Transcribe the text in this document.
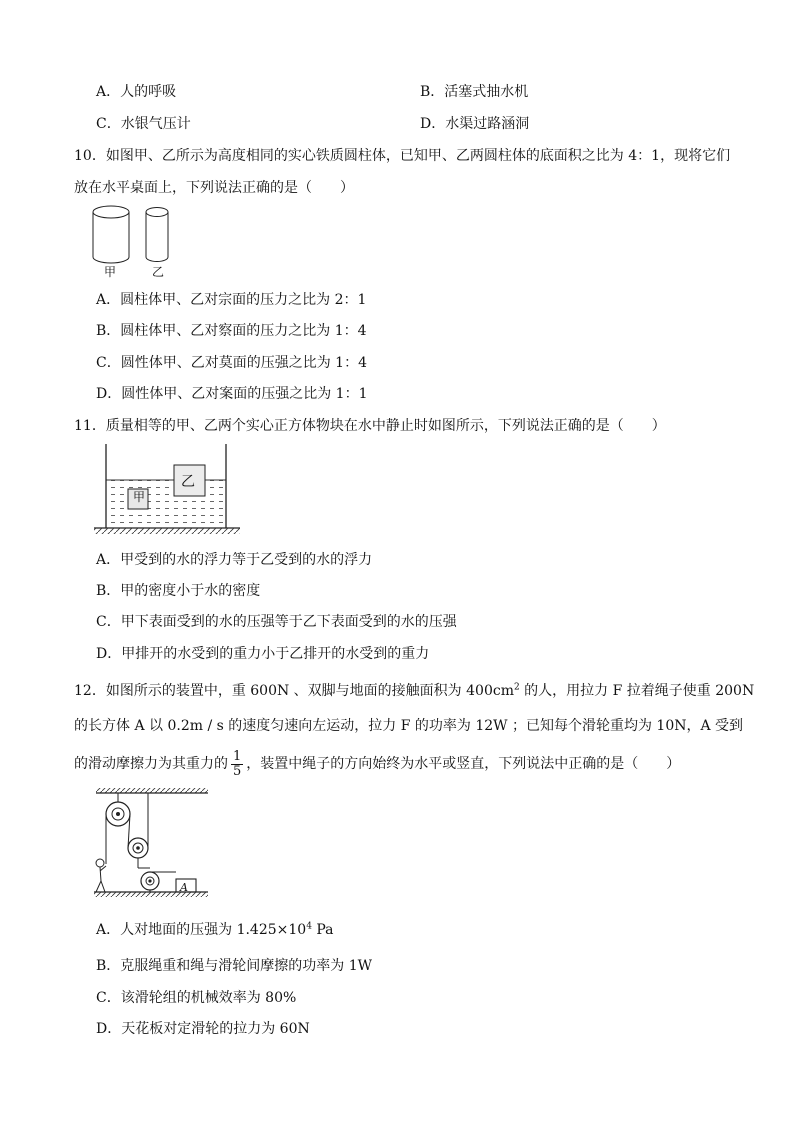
A．人的呼吸	B．活塞式抽水机
C．水银气压计	D．水渠过路涵洞
10．如图甲、乙所示为高度相同的实心铁质圆柱体，已知甲、乙两圆柱体的底面积之比为 4：1，现将它们
放在水平桌面上，下列说法正确的是（　　）
甲	乙
A．圆柱体甲、乙对宗面的压力之比为 2：1
B．圆柱体甲、乙对察面的压力之比为 1：4
C．圆性体甲、乙对莫面的压强之比为 1：4
D．圆性体甲、乙对案面的压强之比为 1：1
11．质量相等的甲、乙两个实心正方体物块在水中静止时如图所示，下列说法正确的是（　　）
甲
乙
A．甲受到的水的浮力等于乙受到的水的浮力
B．甲的密度小于水的密度
C．甲下表面受到的水的压强等于乙下表面受到的水的压强
D．甲排开的水受到的重力小于乙排开的水受到的重力
12．如图所示的装置中，重 600N 、双脚与地面的接触面积为 $400cm^2$ 的人，用拉力 F 拉着绳子使重 200N
的长方体 A 以 0.2m / s 的速度匀速向左运动，拉力 F 的功率为 12W ；已知每个滑轮重均为 10N，A 受到
的滑动摩擦力为其重力的 $\frac{1}{5}$ ，装置中绳子的方向始终为水平或竖直，下列说法中正确的是（　　）
A
A．人对地面的压强为 $1.425\times 10^4$ Pa
B．克服绳重和绳与滑轮间摩擦的功率为 1W
C．该滑轮组的机械效率为 80%
D．天花板对定滑轮的拉力为 60N
